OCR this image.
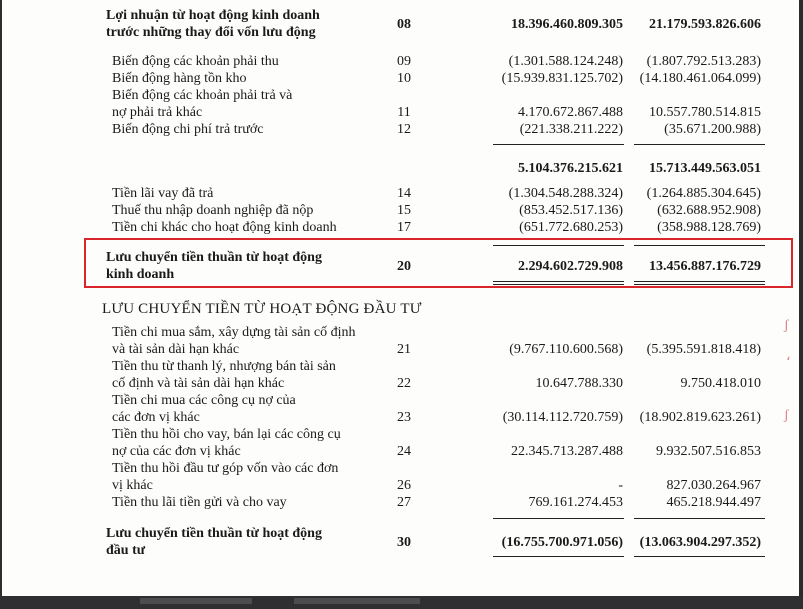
Lợi nhuận từ hoạt động kinh doanh
trước những thay đổi vốn lưu động
08	18.396.460.809.305 21.179.593.826.606
Biến động các khoản phải thu	09	(1.301.588.124.248) (1.807.792.513.283)
Biến động hàng tồn kho	10	(15.939.831.125.702) (14.180.461.064.099)
Biến động các khoản phải trả và
nợ phải trả khác	11	4.170.672.867.488 10.557.780.514.815
Biến động chi phí trả trước	12	(221.338.211.222)	(35.671.200.988)
5.104.376.215.621 15.713.449.563.051
Tiền lãi vay đã trả	14	(1.304.548.288.324) (1.264.885.304.645)
Thuế thu nhập doanh nghiệp đã nộp	15	(853.452.517.136) (632.688.952.908)
Tiền chi khác cho hoạt động kinh doanh	17	(651.772.680.253) (358.988.128.769)
Lưu chuyển tiền thuần từ hoạt động
kinh doanh
20	2.294.602.729.908 13.456.887.176.729
LƯU CHUYỂN TIỀN TỪ HOẠT ĐỘNG ĐẦU TƯ
Tiền chi mua sắm, xây dựng tài sản cố định
và tài sản dài hạn khác	21	(9.767.110.600.568) (5.395.591.818.418)
Tiền thu từ thanh lý, nhượng bán tài sản
cố định và tài sản dài hạn khác	22	10.647.788.330	9.750.418.010
Tiền chi mua các công cụ nợ của
các đơn vị khác	23	(30.114.112.720.759) (18.902.819.623.261)
Tiền thu hồi cho vay, bán lại các công cụ
nợ của các đơn vị khác	24	22.345.713.287.488 9.932.507.516.853
Tiền thu hồi đầu tư góp vốn vào các đơn
vị khác	26	-	827.030.264.967
Tiền thu lãi tiền gửi và cho vay	27	769.161.274.453	465.218.944.497
Lưu chuyển tiền thuần từ hoạt động
đầu tư
30	(16.755.700.971.056) (13.063.904.297.352)
ʃ
،
ʃ
